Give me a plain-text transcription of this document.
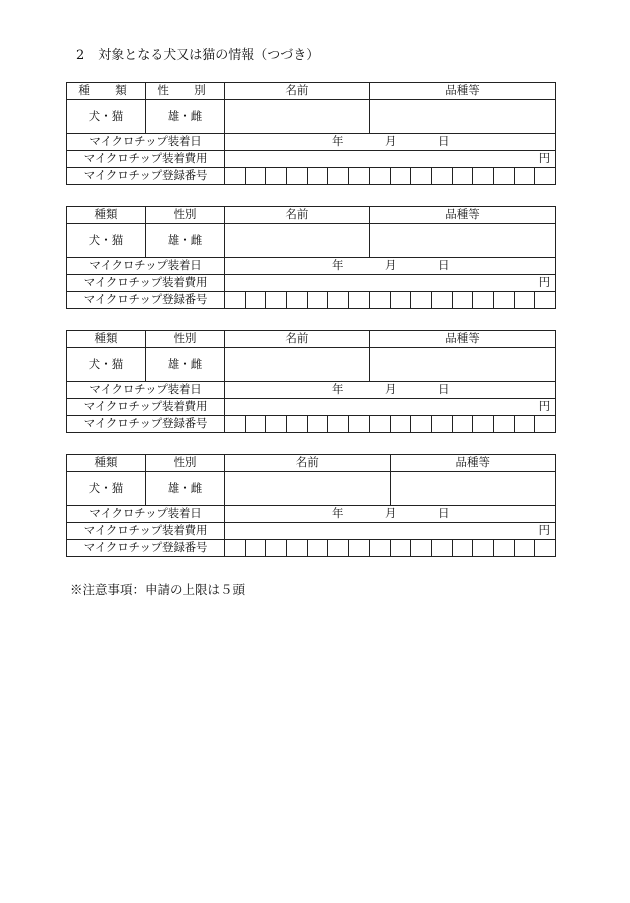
2 対象となる犬又は猫の情報（つづき）
種　類	性　別	名前							品種等								
犬・猫	雄・雌																
マイクロチップ装着日		年 月 日															

マイクロチップ装着費用		円															
マイクロチップ登録番号																	
種類	性別	名前							品種等								
犬・猫	雄・雌																
マイクロチップ装着日		年 月 日															

マイクロチップ装着費用		円															
マイクロチップ登録番号																	
種類	性別	名前							品種等								
犬・猫	雄・雌																
マイクロチップ装着日		年 月 日															

マイクロチップ装着費用		円															
マイクロチップ登録番号																	
種類	性別	名前								品種等							
犬・猫	雄・雌																
マイクロチップ装着日		年 月 日															

マイクロチップ装着費用		円															
マイクロチップ登録番号																	
※注意事項：申請の上限は５頭
